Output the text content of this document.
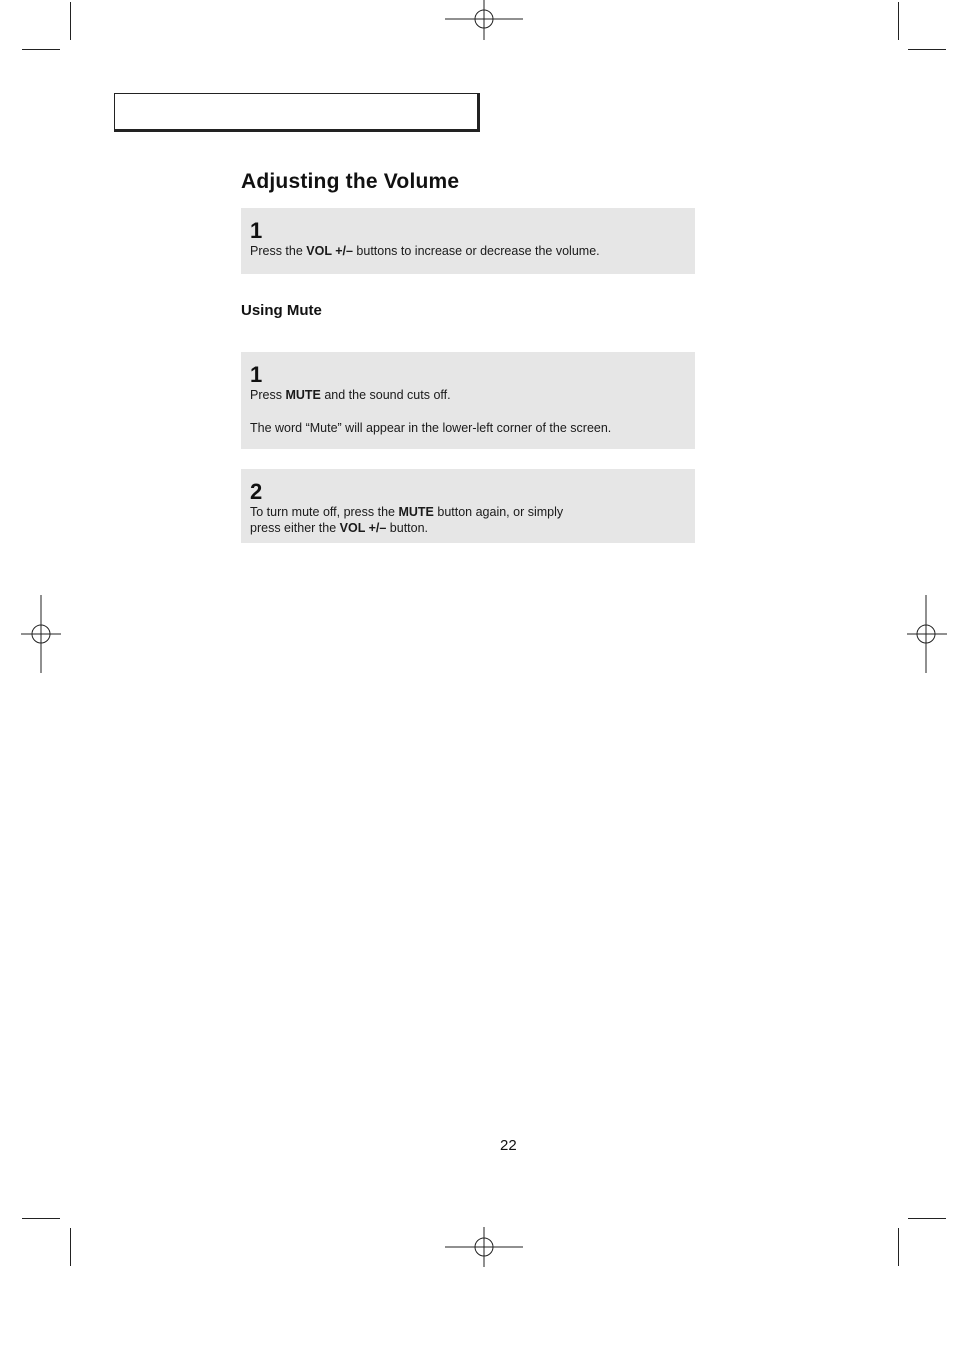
Adjusting the Volume
1
Press the VOL +/– buttons to increase or decrease the volume.
Using Mute
1
Press MUTE and the sound cuts off.
The word “Mute” will appear in the lower-left corner of the screen.
2
To turn mute off, press the MUTE button again, or simply
press either the VOL +/– button.
22
